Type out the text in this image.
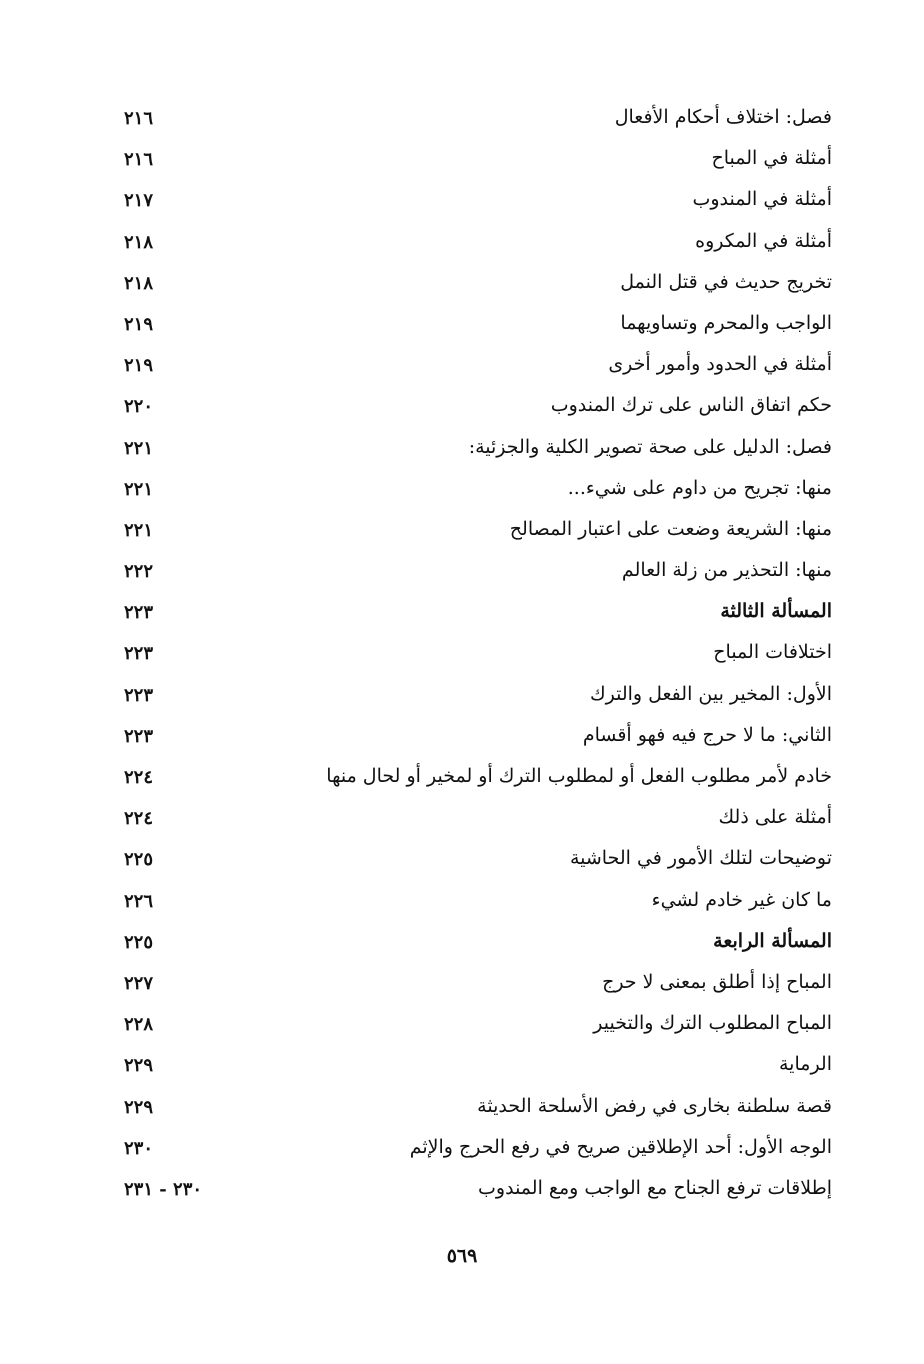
فصل: اختلاف أحكام الأفعال
٢١٦
أمثلة في المباح
٢١٦
أمثلة في المندوب
٢١٧
أمثلة في المكروه
٢١٨
تخريج حديث في قتل النمل
٢١٨
الواجب والمحرم وتساويهما
٢١٩
أمثلة في الحدود وأمور أخرى
٢١٩
حكم اتفاق الناس على ترك المندوب
٢٢٠
فصل: الدليل على صحة تصوير الكلية والجزئية:
٢٢١
منها: تجريح من داوم على شيء...
٢٢١
منها: الشريعة وضعت على اعتبار المصالح
٢٢١
منها: التحذير من زلة العالم
٢٢٢
المسألة الثالثة
٢٢٣
اختلافات المباح
٢٢٣
الأول: المخير بين الفعل والترك
٢٢٣
الثاني: ما لا حرج فيه فهو أقسام
٢٢٣
خادم لأمر مطلوب الفعل أو لمطلوب الترك أو لمخير أو لحال منها
٢٢٤
أمثلة على ذلك
٢٢٤
توضيحات لتلك الأمور في الحاشية
٢٢٥
ما كان غير خادم لشيء
٢٢٦
المسألة الرابعة
٢٢٥
المباح إذا أطلق بمعنى لا حرج
٢٢٧
المباح المطلوب الترك والتخيير
٢٢٨
الرماية
٢٢٩
قصة سلطنة بخارى في رفض الأسلحة الحديثة
٢٢٩
الوجه الأول: أحد الإطلاقين صريح في رفع الحرج والإثم
٢٣٠
إطلاقات ترفع الجناح مع الواجب ومع المندوب
٢٣٠ - ٢٣١
٥٦٩
